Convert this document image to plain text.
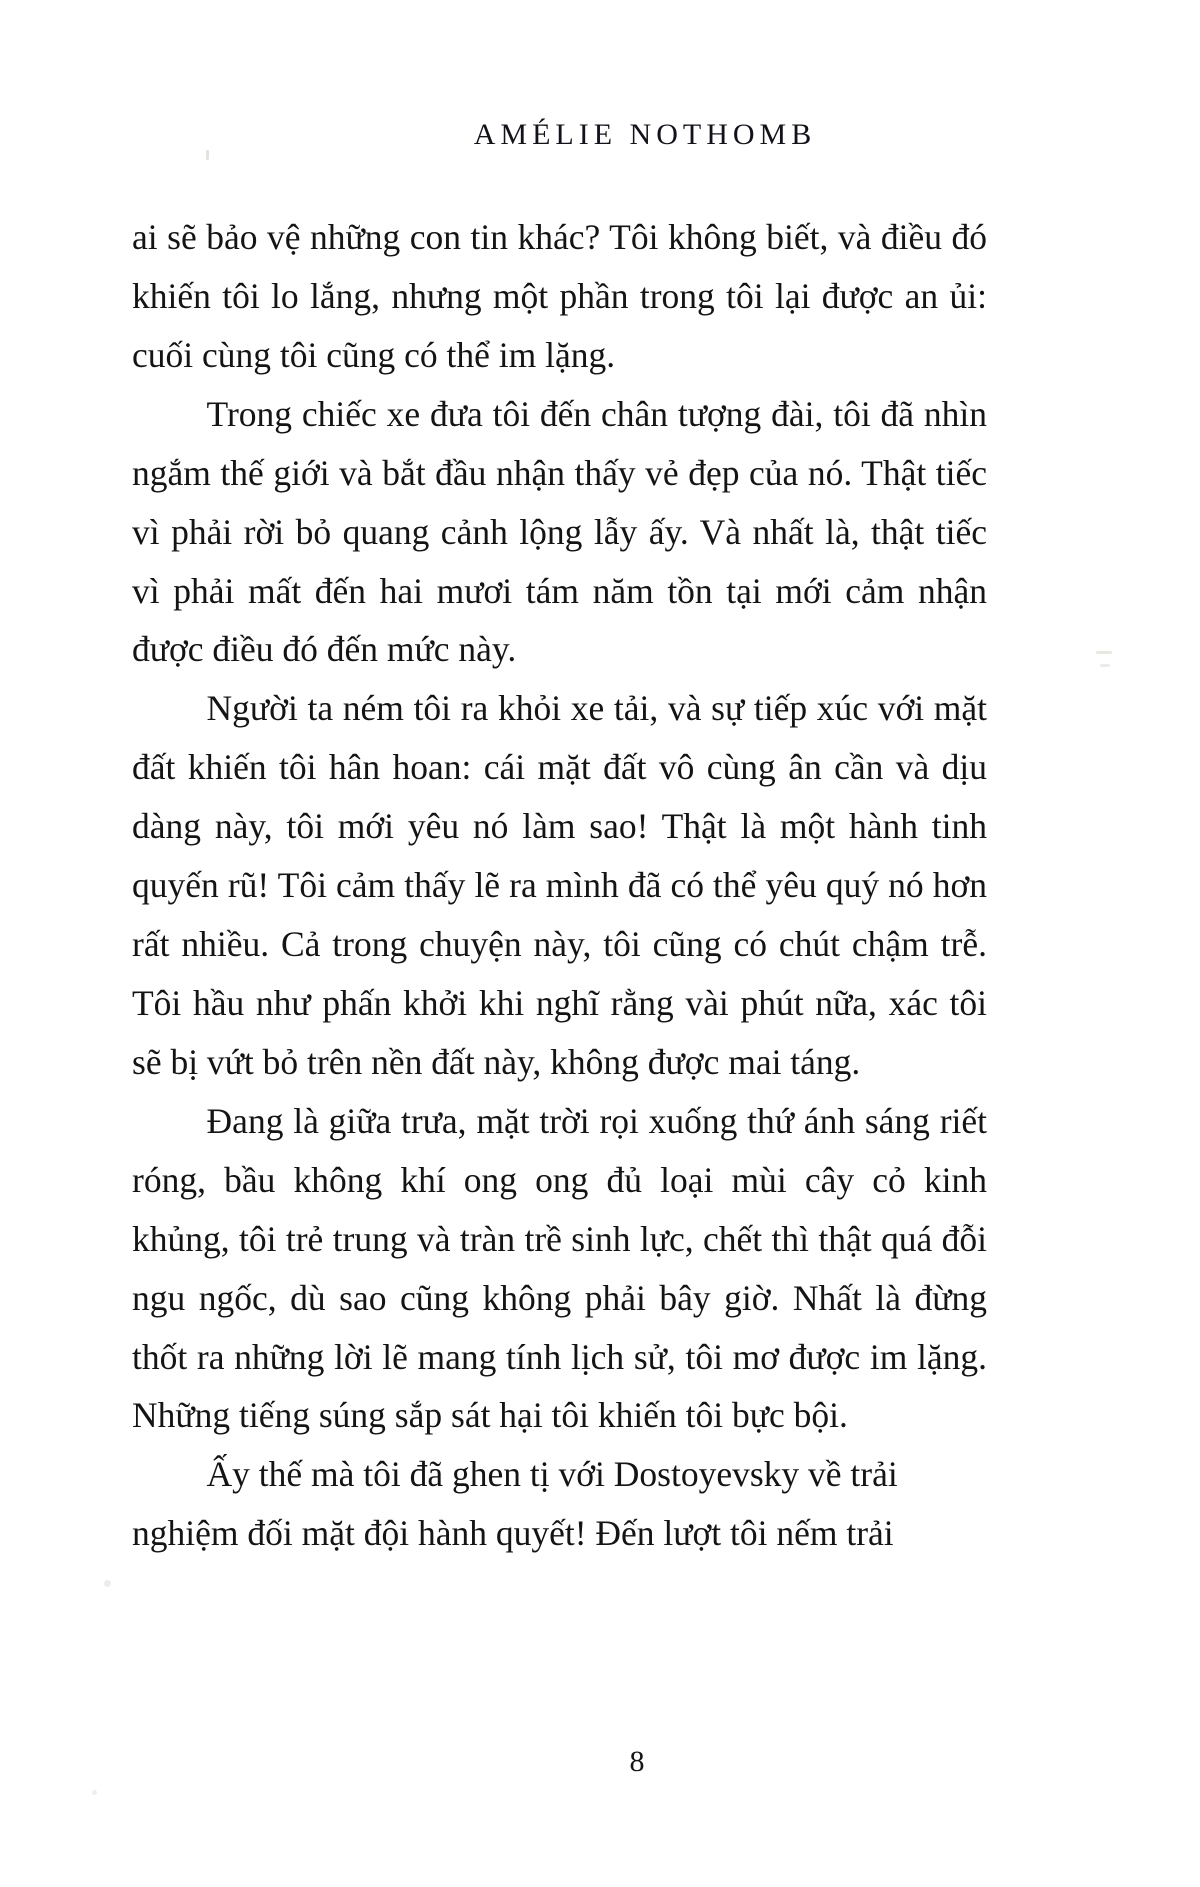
AMÉLIE NOTHOMB

ai sẽ bảo vệ những con tin khác? Tôi không biết, và điều đó khiến tôi lo lắng, nhưng một phần trong tôi lại được an ủi: cuối cùng tôi cũng có thể im lặng.

Trong chiếc xe đưa tôi đến chân tượng đài, tôi đã nhìn ngắm thế giới và bắt đầu nhận thấy vẻ đẹp của nó. Thật tiếc vì phải rời bỏ quang cảnh lộng lẫy ấy. Và nhất là, thật tiếc vì phải mất đến hai mươi tám năm tồn tại mới cảm nhận được điều đó đến mức này.

Người ta ném tôi ra khỏi xe tải, và sự tiếp xúc với mặt đất khiến tôi hân hoan: cái mặt đất vô cùng ân cần và dịu dàng này, tôi mới yêu nó làm sao! Thật là một hành tinh quyến rũ! Tôi cảm thấy lẽ ra mình đã có thể yêu quý nó hơn rất nhiều. Cả trong chuyện này, tôi cũng có chút chậm trễ. Tôi hầu như phấn khởi khi nghĩ rằng vài phút nữa, xác tôi sẽ bị vứt bỏ trên nền đất này, không được mai táng.

Đang là giữa trưa, mặt trời rọi xuống thứ ánh sáng riết róng, bầu không khí ong ong đủ loại mùi cây cỏ kinh khủng, tôi trẻ trung và tràn trề sinh lực, chết thì thật quá đỗi ngu ngốc, dù sao cũng không phải bây giờ. Nhất là đừng thốt ra những lời lẽ mang tính lịch sử, tôi mơ được im lặng. Những tiếng súng sắp sát hại tôi khiến tôi bực bội.

Ấy thế mà tôi đã ghen tị với Dostoyevsky về trải nghiệm đối mặt đội hành quyết! Đến lượt tôi nếm trải

8
